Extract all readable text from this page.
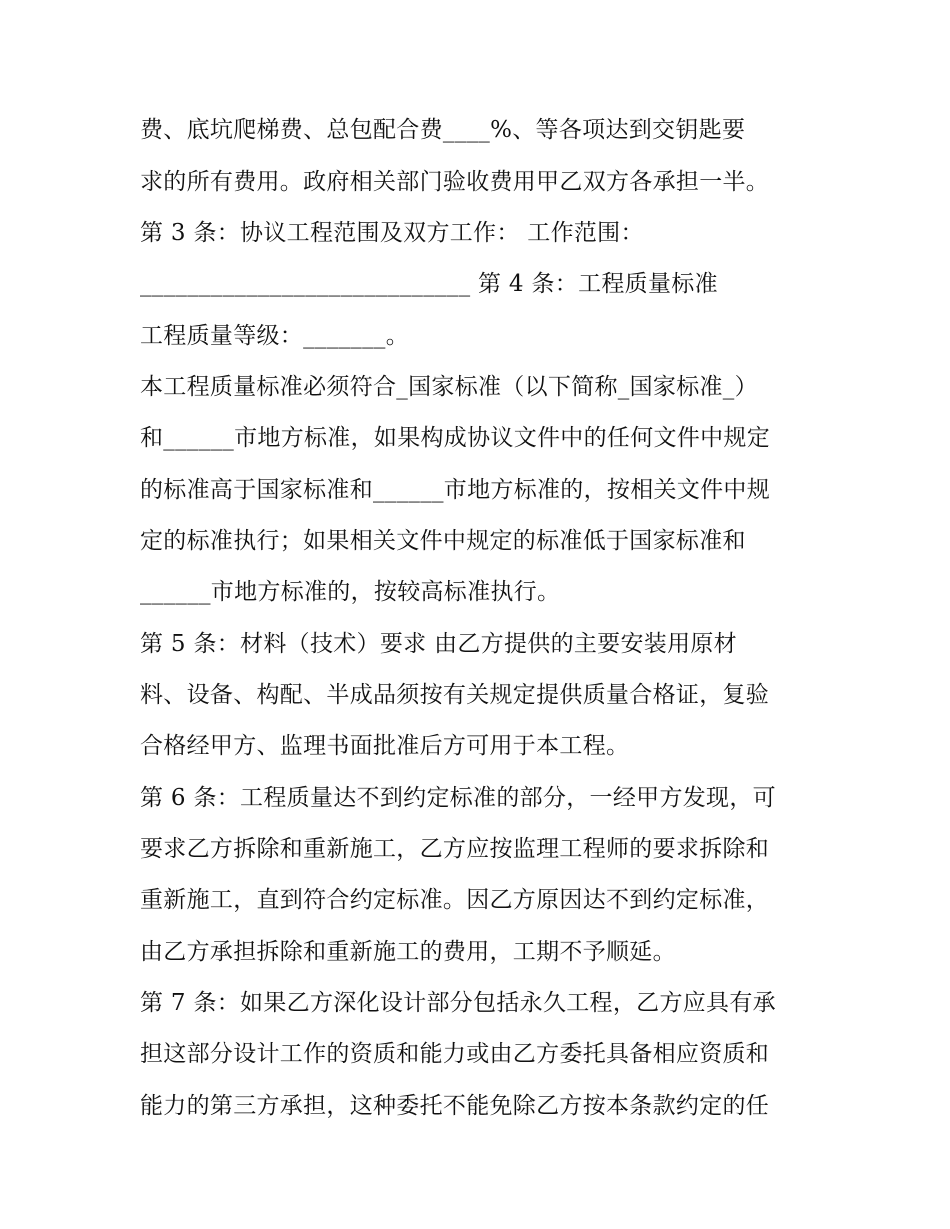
费、底坑爬梯费、总包配合费____%、等各项达到交钥匙要
求的所有费用。政府相关部门验收费用甲乙双方各承担一半。
第 3 条：协议工程范围及双方工作： 工作范围：
____________________________ 第 4 条：工程质量标准
工程质量等级：_______。
本工程质量标准必须符合_国家标准（以下简称_国家标准_）
和______市地方标准，如果构成协议文件中的任何文件中规定
的标准高于国家标准和______市地方标准的，按相关文件中规
定的标准执行；如果相关文件中规定的标准低于国家标准和
______市地方标准的，按较高标准执行。
第 5 条：材料（技术）要求 由乙方提供的主要安装用原材
料、设备、构配、半成品须按有关规定提供质量合格证，复验
合格经甲方、监理书面批准后方可用于本工程。
第 6 条：工程质量达不到约定标准的部分，一经甲方发现，可
要求乙方拆除和重新施工，乙方应按监理工程师的要求拆除和
重新施工，直到符合约定标准。因乙方原因达不到约定标准，
由乙方承担拆除和重新施工的费用，工期不予顺延。
第 7 条：如果乙方深化设计部分包括永久工程，乙方应具有承
担这部分设计工作的资质和能力或由乙方委托具备相应资质和
能力的第三方承担，这种委托不能免除乙方按本条款约定的任
